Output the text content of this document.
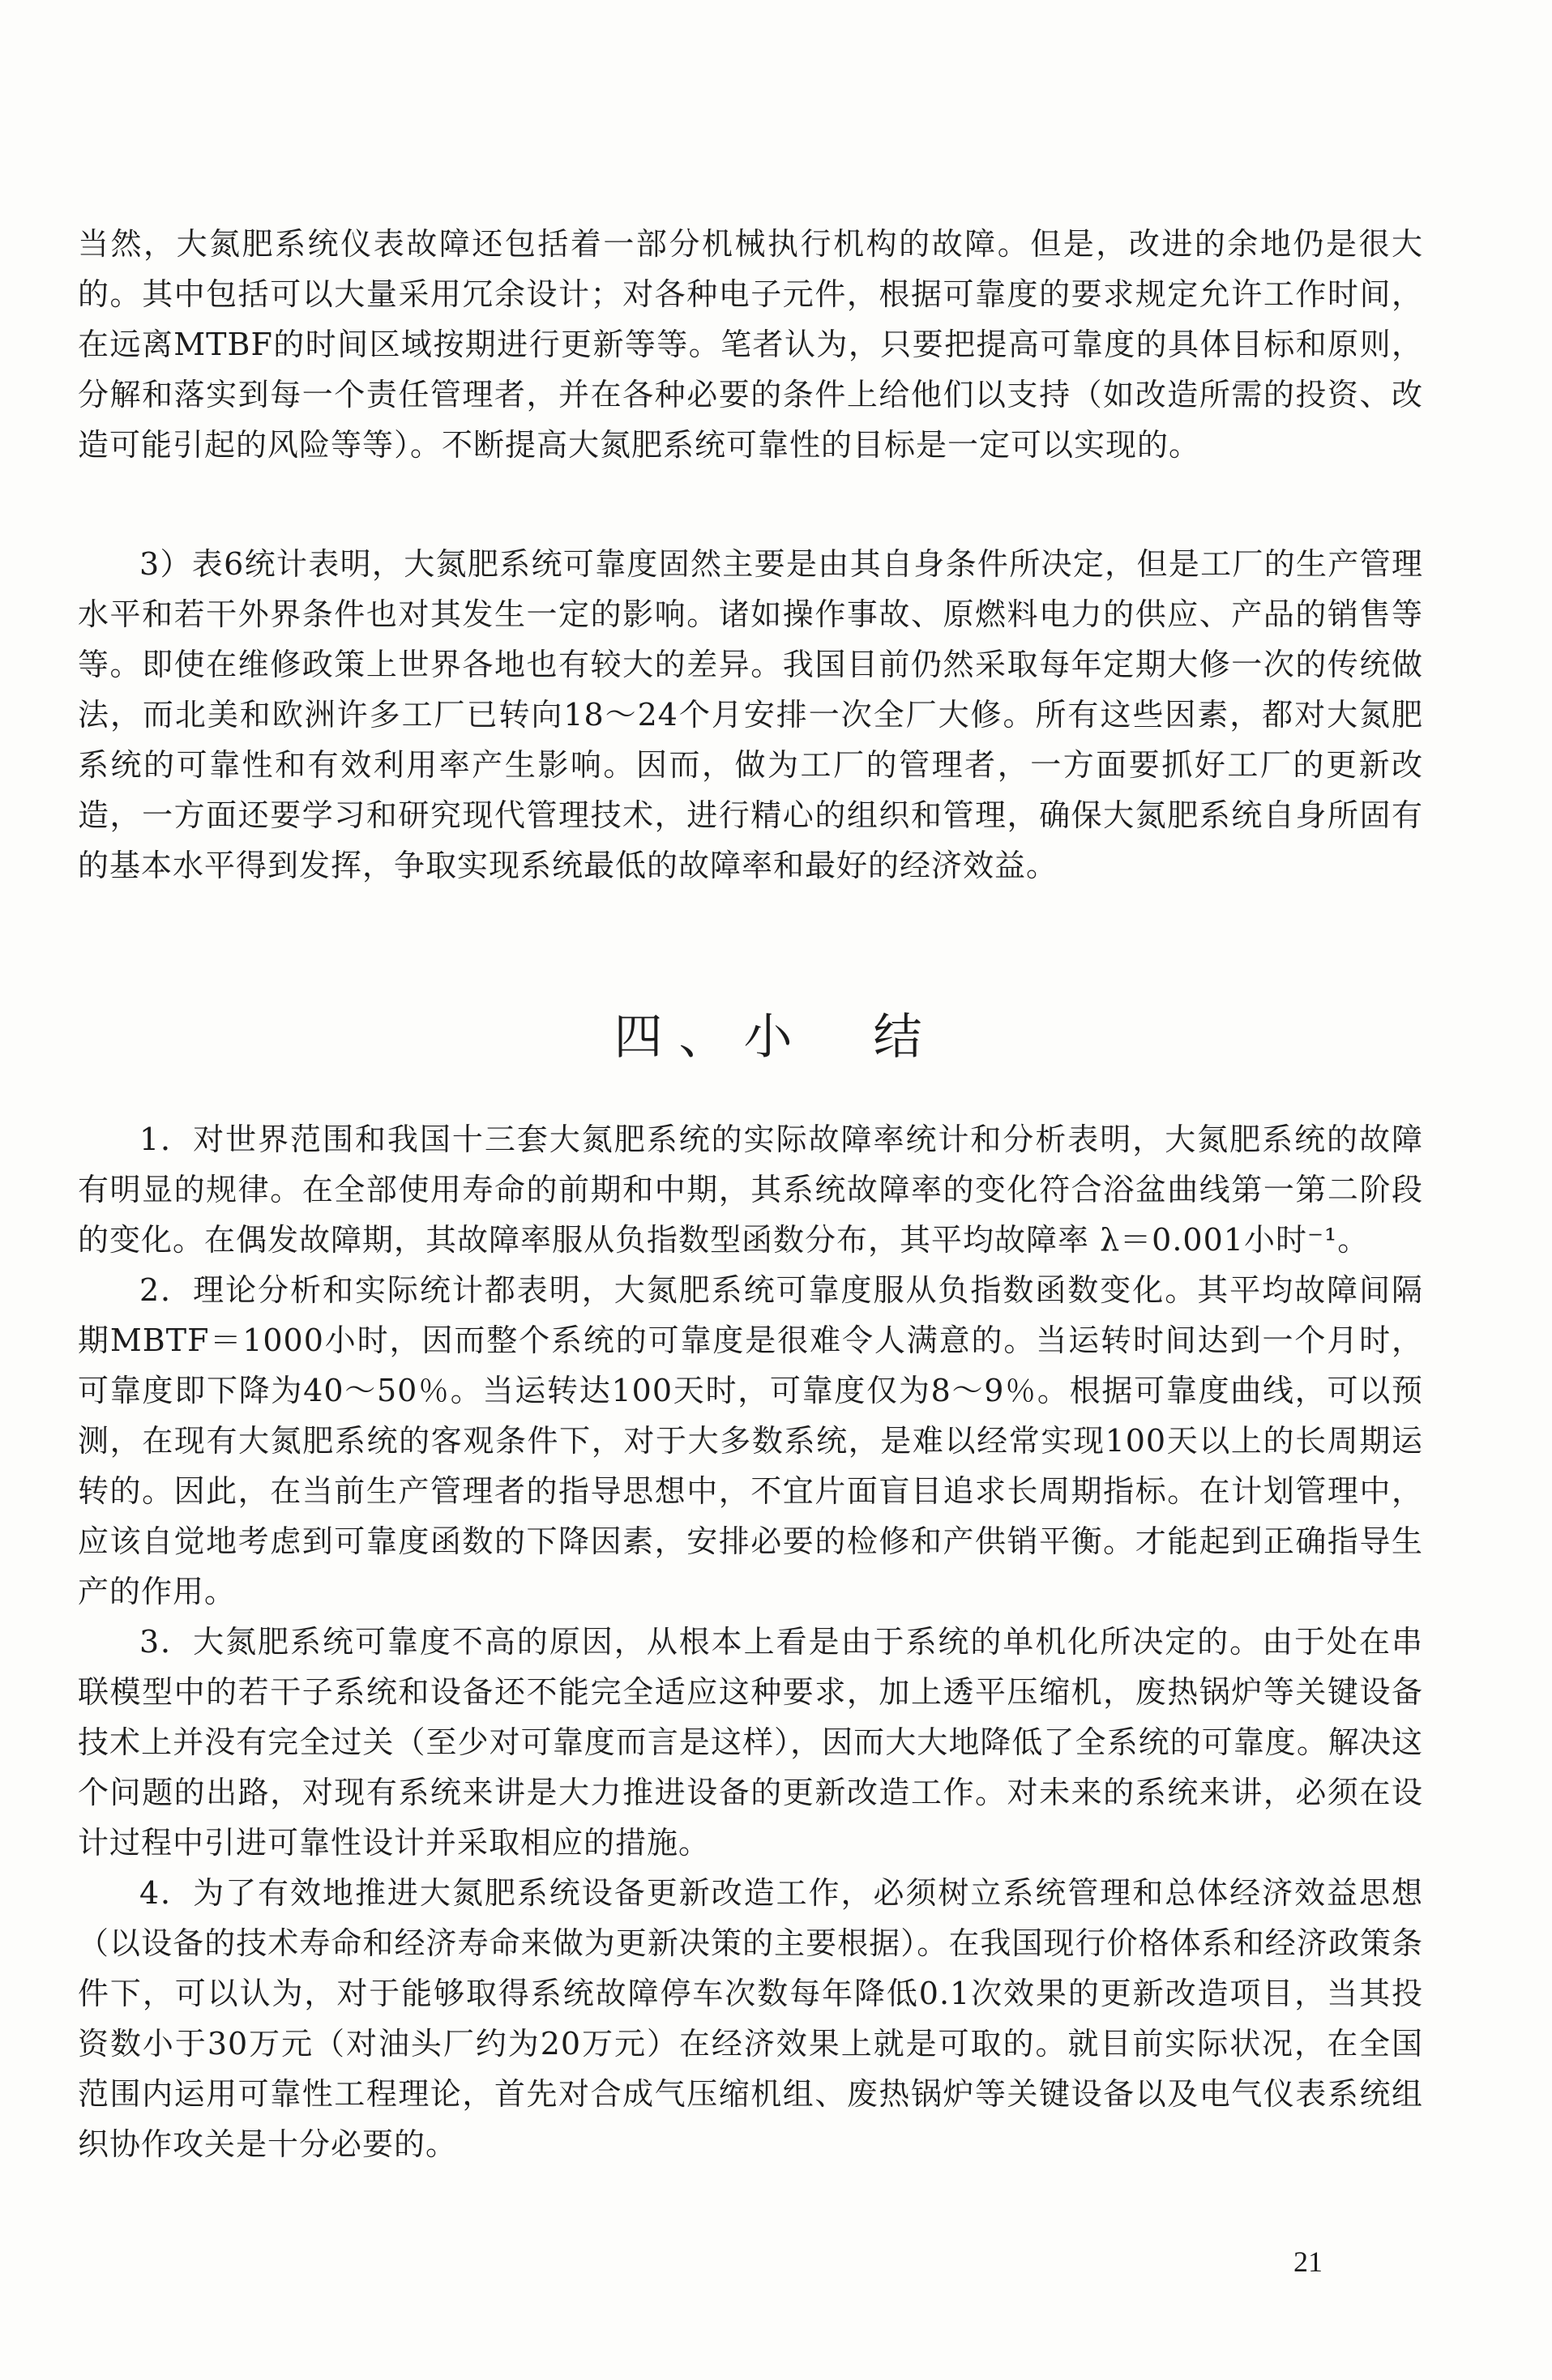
当然，大氮肥系统仪表故障还包括着一部分机械执行机构的故障。但是，改进的余地仍是很大的。其中包括可以大量采用冗余设计；对各种电子元件，根据可靠度的要求规定允许工作时间，在远离MTBF的时间区域按期进行更新等等。笔者认为，只要把提高可靠度的具体目标和原则，分解和落实到每一个责任管理者，并在各种必要的条件上给他们以支持（如改造所需的投资、改造可能引起的风险等等）。不断提高大氮肥系统可靠性的目标是一定可以实现的。

3）表6统计表明，大氮肥系统可靠度固然主要是由其自身条件所决定，但是工厂的生产管理水平和若干外界条件也对其发生一定的影响。诸如操作事故、原燃料电力的供应、产品的销售等等。即使在维修政策上世界各地也有较大的差异。我国目前仍然采取每年定期大修一次的传统做法，而北美和欧洲许多工厂已转向18～24个月安排一次全厂大修。所有这些因素，都对大氮肥系统的可靠性和有效利用率产生影响。因而，做为工厂的管理者，一方面要抓好工厂的更新改造，一方面还要学习和研究现代管理技术，进行精心的组织和管理，确保大氮肥系统自身所固有的基本水平得到发挥，争取实现系统最低的故障率和最好的经济效益。

四、小　结

1．对世界范围和我国十三套大氮肥系统的实际故障率统计和分析表明，大氮肥系统的故障有明显的规律。在全部使用寿命的前期和中期，其系统故障率的变化符合浴盆曲线第一第二阶段的变化。在偶发故障期，其故障率服从负指数型函数分布，其平均故障率 λ＝0.001小时⁻¹。

2．理论分析和实际统计都表明，大氮肥系统可靠度服从负指数函数变化。其平均故障间隔期MBTF＝1000小时，因而整个系统的可靠度是很难令人满意的。当运转时间达到一个月时，可靠度即下降为40～50％。当运转达100天时，可靠度仅为8～9％。根据可靠度曲线，可以预测，在现有大氮肥系统的客观条件下，对于大多数系统，是难以经常实现100天以上的长周期运转的。因此，在当前生产管理者的指导思想中，不宜片面盲目追求长周期指标。在计划管理中，应该自觉地考虑到可靠度函数的下降因素，安排必要的检修和产供销平衡。才能起到正确指导生产的作用。

3．大氮肥系统可靠度不高的原因，从根本上看是由于系统的单机化所决定的。由于处在串联模型中的若干子系统和设备还不能完全适应这种要求，加上透平压缩机，废热锅炉等关键设备技术上并没有完全过关（至少对可靠度而言是这样），因而大大地降低了全系统的可靠度。解决这个问题的出路，对现有系统来讲是大力推进设备的更新改造工作。对未来的系统来讲，必须在设计过程中引进可靠性设计并采取相应的措施。

4．为了有效地推进大氮肥系统设备更新改造工作，必须树立系统管理和总体经济效益思想（以设备的技术寿命和经济寿命来做为更新决策的主要根据）。在我国现行价格体系和经济政策条件下，可以认为，对于能够取得系统故障停车次数每年降低0.1次效果的更新改造项目，当其投资数小于30万元（对油头厂约为20万元）在经济效果上就是可取的。就目前实际状况，在全国范围内运用可靠性工程理论，首先对合成气压缩机组、废热锅炉等关键设备以及电气仪表系统组织协作攻关是十分必要的。

21
